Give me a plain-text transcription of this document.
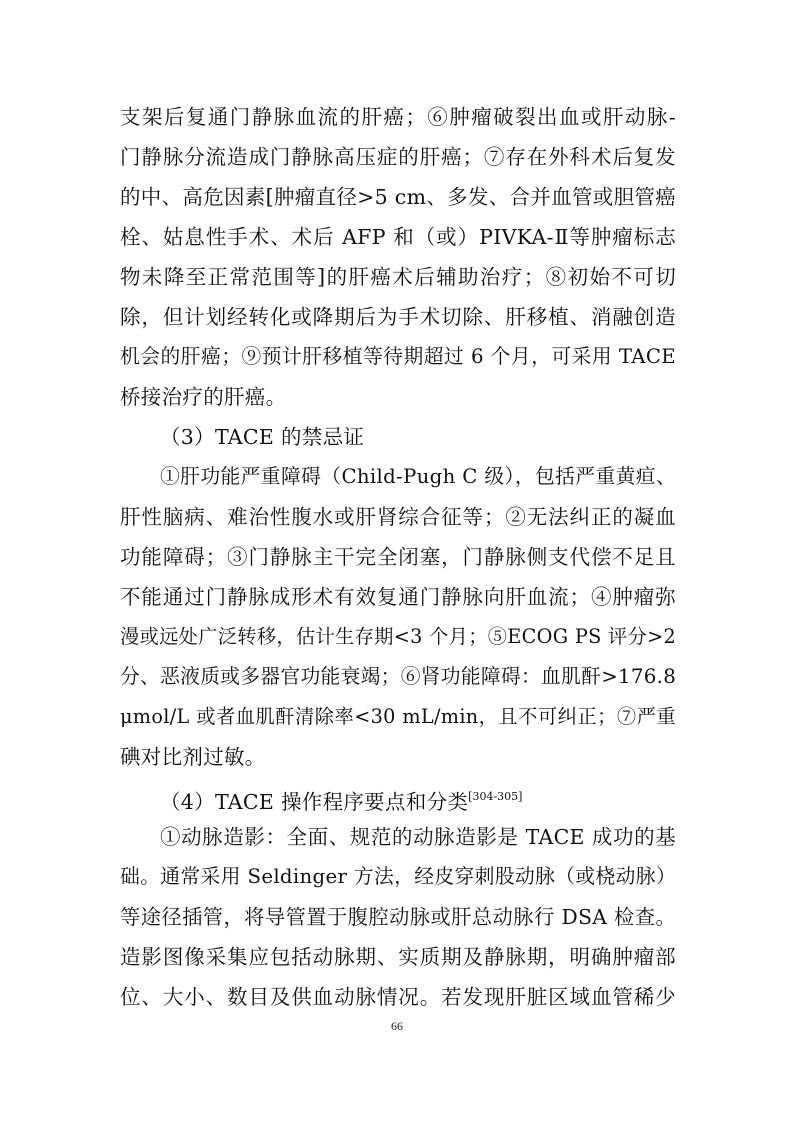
支架后复通门静脉血流的肝癌；⑥肿瘤破裂出血或肝动脉-
门静脉分流造成门静脉高压症的肝癌；⑦存在外科术后复发
的中、高危因素[肿瘤直径>5 cm、多发、合并血管或胆管癌
栓、姑息性手术、术后 AFP 和（或）PIVKA-Ⅱ等肿瘤标志
物未降至正常范围等]的肝癌术后辅助治疗；⑧初始不可切
除，但计划经转化或降期后为手术切除、肝移植、消融创造
机会的肝癌；⑨预计肝移植等待期超过 6 个月，可采用 TACE
桥接治疗的肝癌。
（3）TACE 的禁忌证
①肝功能严重障碍（Child-Pugh C 级），包括严重黄疸、
肝性脑病、难治性腹水或肝肾综合征等；②无法纠正的凝血
功能障碍；③门静脉主干完全闭塞，门静脉侧支代偿不足且
不能通过门静脉成形术有效复通门静脉向肝血流；④肿瘤弥
漫或远处广泛转移，估计生存期<3 个月；⑤ECOG PS 评分>2
分、恶液质或多器官功能衰竭；⑥肾功能障碍：血肌酐>176.8
μmol/L 或者血肌酐清除率<30 mL/min，且不可纠正；⑦严重
碘对比剂过敏。
（4）TACE 操作程序要点和分类[304-305]
①动脉造影：全面、规范的动脉造影是 TACE 成功的基
础。通常采用 Seldinger 方法，经皮穿刺股动脉（或桡动脉）
等途径插管，将导管置于腹腔动脉或肝总动脉行 DSA 检查。
造影图像采集应包括动脉期、实质期及静脉期，明确肿瘤部
位、大小、数目及供血动脉情况。若发现肝脏区域血管稀少
66
